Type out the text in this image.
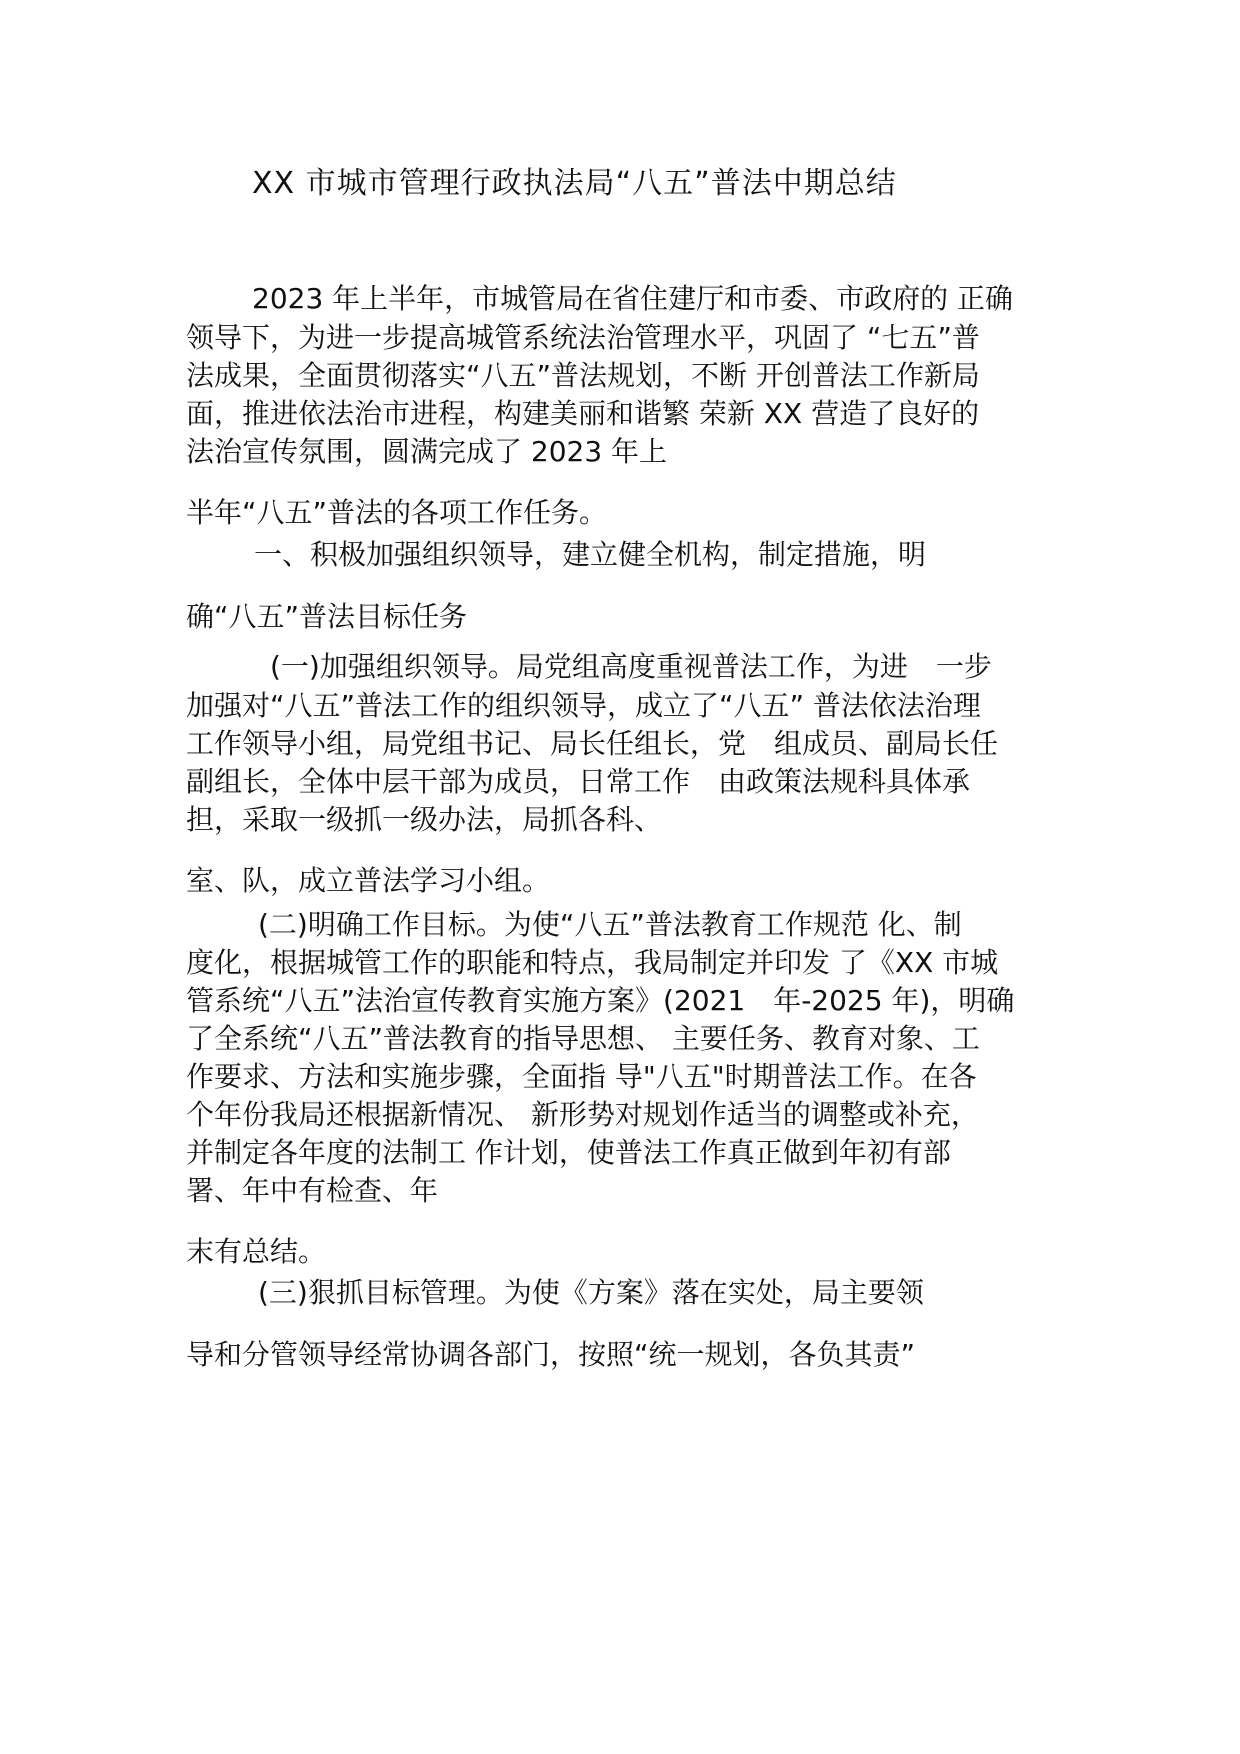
XX 市城市管理行政执法局“八五”普法中期总结
2023 年上半年，市城管局在省住建厅和市委、市政府的 正确
领导下，为进一步提高城管系统法治管理水平，巩固了 “七五”普
法成果，全面贯彻落实“八五”普法规划，不断 开创普法工作新局
面，推进依法治市进程，构建美丽和谐繁 荣新 XX 营造了良好的
法治宣传氛围，圆满完成了 2023 年上
半年“八五”普法的各项工作任务。
一、积极加强组织领导，建立健全机构，制定措施，明
确“八五”普法目标任务
(一)加强组织领导。局党组高度重视普法工作，为进　一步
加强对“八五”普法工作的组织领导，成立了“八五” 普法依法治理
工作领导小组，局党组书记、局长任组长，党　组成员、副局长任
副组长，全体中层干部为成员，日常工作　由政策法规科具体承
担，采取一级抓一级办法，局抓各科、
室、队，成立普法学习小组。
(二)明确工作目标。为使“八五”普法教育工作规范 化、制
度化，根据城管工作的职能和特点，我局制定并印发 了《XX 市城
管系统“八五”法治宣传教育实施方案》(2021　年-2025 年)，明确
了全系统“八五”普法教育的指导思想、 主要任务、教育对象、工
作要求、方法和实施步骤，全面指 导"八五"时期普法工作。在各
个年份我局还根据新情况、 新形势对规划作适当的调整或补充，
并制定各年度的法制工 作计划，使普法工作真正做到年初有部
署、年中有检查、年
末有总结。
(三)狠抓目标管理。为使《方案》落在实处，局主要领
导和分管领导经常协调各部门，按照“统一规划，各负其责”
